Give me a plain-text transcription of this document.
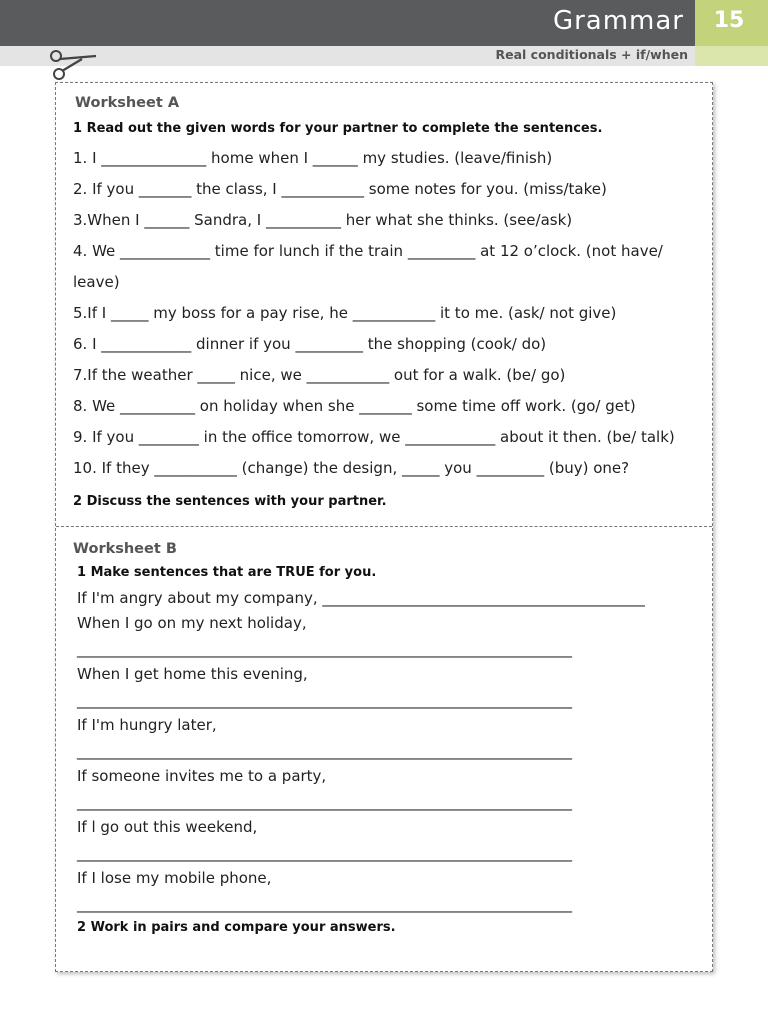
Grammar	15
Real conditionals + if/when
Worksheet A
1 Read out the given words for your partner to complete the sentences.
1. I ______________ home when I ______ my studies. (leave/finish)
2. If you _______ the class, I ___________ some notes for you. (miss/take)
3.When I ______ Sandra, I __________ her what she thinks. (see/ask)
4. We ____________ time for lunch if the train _________ at 12 o’clock. (not have/
leave)
5.If I _____ my boss for a pay rise, he ___________ it to me. (ask/ not give)
6. I ____________ dinner if you _________ the shopping (cook/ do)
7.If the weather _____ nice, we ___________ out for a walk. (be/ go)
8. We __________ on holiday when she _______ some time off work. (go/ get)
9. If you ________ in the office tomorrow, we ____________ about it then. (be/ talk)
10. If they ___________ (change) the design, _____ you _________ (buy) one?
2 Discuss the sentences with your partner.
Worksheet B
1 Make sentences that are TRUE for you.
If I'm angry about my company, ___________________________________________
When I go on my next holiday,
__________________________________________________________________
When I get home this evening,
__________________________________________________________________
If I'm hungry later,
__________________________________________________________________
If someone invites me to a party,
__________________________________________________________________
If l go out this weekend,
__________________________________________________________________
If I lose my mobile phone,
__________________________________________________________________
2 Work in pairs and compare your answers.
